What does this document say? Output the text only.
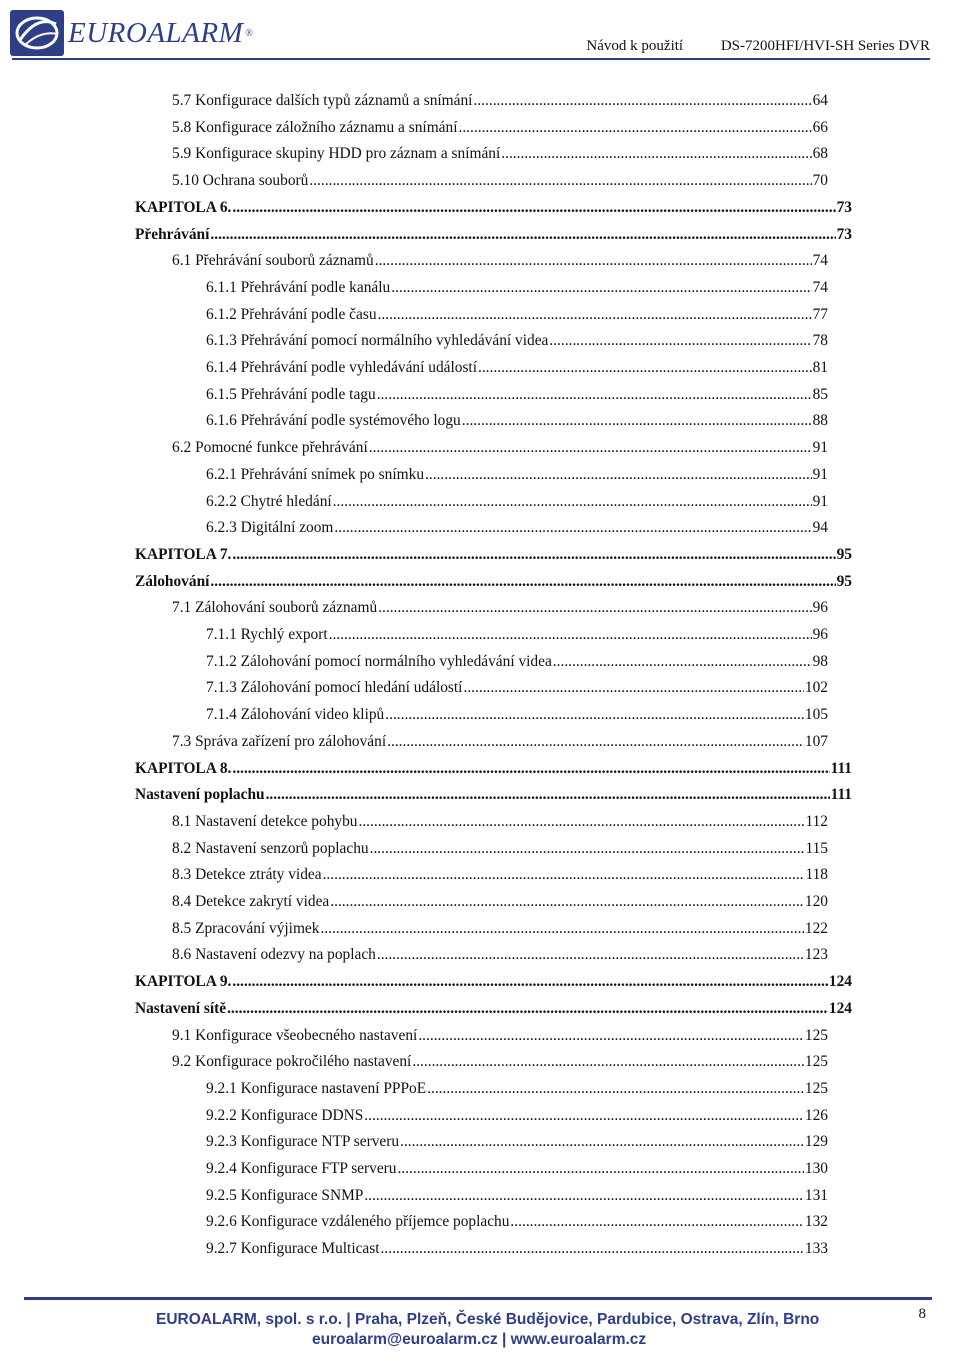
EUROALARM ®
Návod k použití	DS-7200HFI/HVI-SH Series DVR
5.7 Konfigurace dalších typů záznamů a snímání .....	64
5.8 Konfigurace záložního záznamu a snímání .....	66
5.9 Konfigurace skupiny HDD pro záznam a snímání .....	68
5.10 Ochrana souborů .....	70
KAPITOLA 6. .....	73
Přehrávání .....	73
6.1 Přehrávání souborů záznamů .....	74
6.1.1 Přehrávání podle kanálu .....	74
6.1.2 Přehrávání podle času .....	77
6.1.3 Přehrávání pomocí normálního vyhledávání videa .....	78
6.1.4 Přehrávání podle vyhledávání událostí .....	81
6.1.5 Přehrávání podle tagu .....	85
6.1.6 Přehrávání podle systémového logu .....	88
6.2 Pomocné funkce přehrávání .....	91
6.2.1 Přehrávání snímek po snímku .....	91
6.2.2 Chytré hledání .....	91
6.2.3 Digitální zoom .....	94
KAPITOLA 7. .....	95
Zálohování .....	95
7.1 Zálohování souborů záznamů .....	96
7.1.1 Rychlý export .....	96
7.1.2 Zálohování pomocí normálního vyhledávání videa .....	98
7.1.3 Zálohování pomocí hledání událostí .....	102
7.1.4 Zálohování video klipů .....	105
7.3 Správa zařízení pro zálohování .....	107
KAPITOLA 8. .....	111
Nastavení poplachu .....	111
8.1 Nastavení detekce pohybu .....	112
8.2 Nastavení senzorů poplachu .....	115
8.3 Detekce ztráty videa .....	118
8.4 Detekce zakrytí videa .....	120
8.5 Zpracování výjimek .....	122
8.6 Nastavení odezvy na poplach .....	123
KAPITOLA 9. .....	124
Nastavení sítě .....	124
9.1 Konfigurace všeobecného nastavení .....	125
9.2 Konfigurace pokročilého nastavení .....	125
9.2.1 Konfigurace nastavení PPPoE .....	125
9.2.2 Konfigurace DDNS .....	126
9.2.3 Konfigurace NTP serveru .....	129
9.2.4 Konfigurace FTP serveru .....	130
9.2.5 Konfigurace SNMP .....	131
9.2.6 Konfigurace vzdáleného příjemce poplachu .....	132
9.2.7 Konfigurace Multicast .....	133
EUROALARM, spol. s r.o. | Praha, Plzeň, České Budějovice, Pardubice, Ostrava, Zlín, Brno
euroalarm@euroalarm.cz | www.euroalarm.cz
8
